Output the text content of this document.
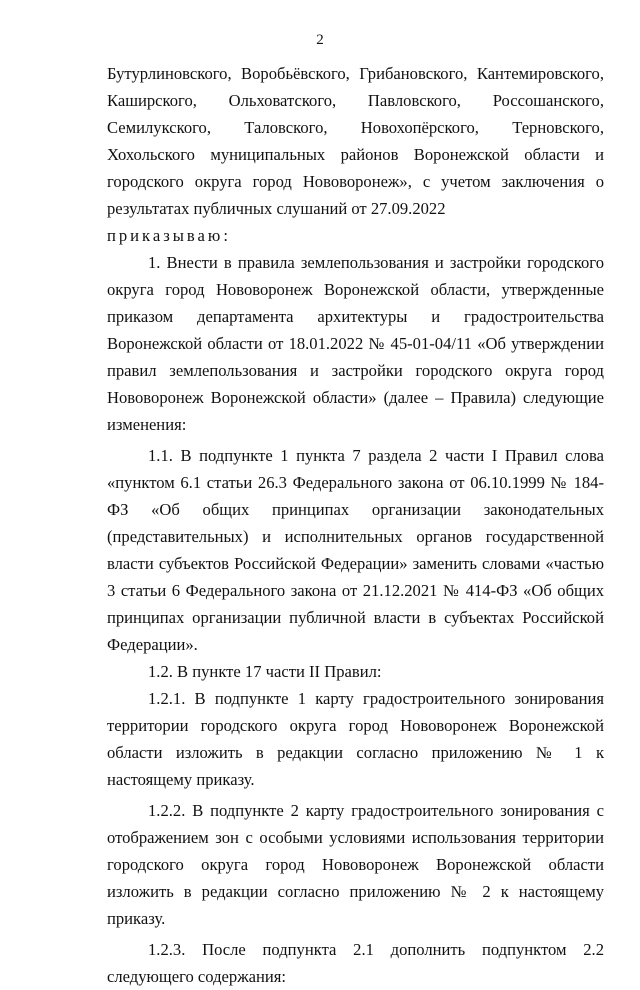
2

Бутурлиновского, Воробьёвского, Грибановского, Кантемировского, Каширского, Ольховатского, Павловского, Россошанского, Семилукского, Таловского, Новохопёрского, Терновского, Хохольского муниципальных районов Воронежской области и городского округа город Нововоронеж», с учетом заключения о результатах публичных слушаний от 27.09.2022

приказываю:

1. Внести в правила землепользования и застройки городского округа город Нововоронеж Воронежской области, утвержденные приказом департамента архитектуры и градостроительства Воронежской области от 18.01.2022 № 45-01-04/11 «Об утверждении правил землепользования и застройки городского округа город Нововоронеж Воронежской области» (далее – Правила) следующие изменения:

1.1. В подпункте 1 пункта 7 раздела 2 части I Правил слова «пунктом 6.1 статьи 26.3 Федерального закона от 06.10.1999 № 184-ФЗ «Об общих принципах организации законодательных (представительных) и исполнительных органов государственной власти субъектов Российской Федерации» заменить словами «частью 3 статьи 6 Федерального закона от 21.12.2021 № 414-ФЗ «Об общих принципах организации публичной власти в субъектах Российской Федерации».

1.2. В пункте 17 части II Правил:

1.2.1. В подпункте 1 карту градостроительного зонирования территории городского округа город Нововоронеж Воронежской области изложить в редакции согласно приложению № 1 к настоящему приказу.

1.2.2. В подпункте 2 карту градостроительного зонирования с отображением зон с особыми условиями использования территории городского округа город Нововоронеж Воронежской области изложить в редакции согласно приложению № 2 к настоящему приказу.

1.2.3. После подпункта 2.1 дополнить подпунктом 2.2 следующего содержания:
